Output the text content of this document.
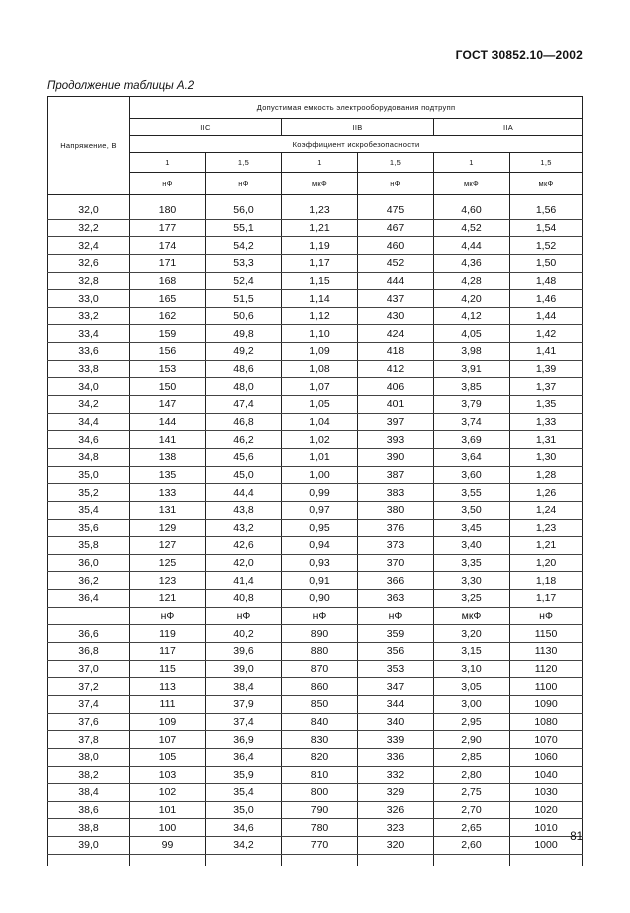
ГОСТ 30852.10—2002
Продолжение таблицы А.2
Напряжение, В	Допустимая емкость электрооборудования подтрупп					
	IIC		IIB		IIA	
	Коэффициент искробезопасности					
	1	1,5	1	1,5	1	1,5
	нФ	нФ	мкФ	нФ	мкФ	мкФ

32,0	180	56,0	1,23	475	4,60	1,56
32,2	177	55,1	1,21	467	4,52	1,54
32,4	174	54,2	1,19	460	4,44	1,52
32,6	171	53,3	1,17	452	4,36	1,50
32,8	168	52,4	1,15	444	4,28	1,48
33,0	165	51,5	1,14	437	4,20	1,46
33,2	162	50,6	1,12	430	4,12	1,44
33,4	159	49,8	1,10	424	4,05	1,42
33,6	156	49,2	1,09	418	3,98	1,41
33,8	153	48,6	1,08	412	3,91	1,39
34,0	150	48,0	1,07	406	3,85	1,37
34,2	147	47,4	1,05	401	3,79	1,35
34,4	144	46,8	1,04	397	3,74	1,33
34,6	141	46,2	1,02	393	3,69	1,31
34,8	138	45,6	1,01	390	3,64	1,30
35,0	135	45,0	1,00	387	3,60	1,28
35,2	133	44,4	0,99	383	3,55	1,26
35,4	131	43,8	0,97	380	3,50	1,24
35,6	129	43,2	0,95	376	3,45	1,23
35,8	127	42,6	0,94	373	3,40	1,21
36,0	125	42,0	0,93	370	3,35	1,20
36,2	123	41,4	0,91	366	3,30	1,18
36,4	121	40,8	0,90	363	3,25	1,17
	нФ	нФ	нФ	нФ	мкФ	нФ
36,6	119	40,2	890	359	3,20	1150
36,8	117	39,6	880	356	3,15	1130
37,0	115	39,0	870	353	3,10	1120
37,2	113	38,4	860	347	3,05	1100
37,4	111	37,9	850	344	3,00	1090
37,6	109	37,4	840	340	2,95	1080
37,8	107	36,9	830	339	2,90	1070
38,0	105	36,4	820	336	2,85	1060
38,2	103	35,9	810	332	2,80	1040
38,4	102	35,4	800	329	2,75	1030
38,6	101	35,0	790	326	2,70	1020
38,8	100	34,6	780	323	2,65	1010
39,0	99	34,2	770	320	2,60	1000

81
